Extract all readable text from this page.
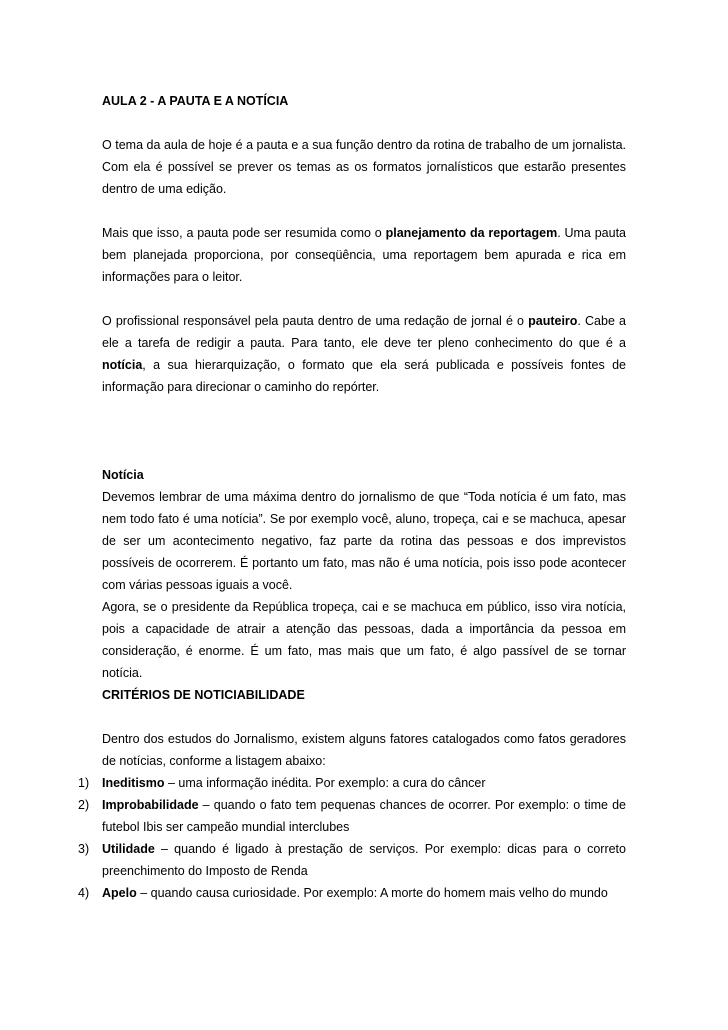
AULA 2 - A PAUTA E A NOTÍCIA
O tema da aula de hoje é a pauta e a sua função dentro da rotina de trabalho de um jornalista. Com ela é possível se prever os temas as os formatos jornalísticos que estarão presentes dentro de uma edição.
Mais que isso, a pauta pode ser resumida como o planejamento da reportagem. Uma pauta bem planejada proporciona, por conseqüência, uma reportagem bem apurada e rica em informações para o leitor.
O profissional responsável pela pauta dentro de uma redação de jornal é o pauteiro. Cabe a ele a tarefa de redigir a pauta. Para tanto, ele deve ter pleno conhecimento do que é a notícia, a sua hierarquização, o formato que ela será publicada e possíveis fontes de informação para direcionar o caminho do repórter.
Notícia
Devemos lembrar de uma máxima dentro do jornalismo de que “Toda notícia é um fato, mas nem todo fato é uma notícia”. Se por exemplo você, aluno, tropeça, cai e se machuca, apesar de ser um acontecimento negativo, faz parte da rotina das pessoas e dos imprevistos possíveis de ocorrerem. É portanto um fato, mas não é uma notícia, pois isso pode acontecer com várias pessoas iguais a você.
Agora, se o presidente da República tropeça, cai e se machuca em público, isso vira notícia, pois a capacidade de atrair a atenção das pessoas, dada a importância da pessoa em consideração, é enorme. É um fato, mas mais que um fato, é algo passível de se tornar notícia.
CRITÉRIOS DE NOTICIABILIDADE
Dentro dos estudos do Jornalismo, existem alguns fatores catalogados como fatos geradores de notícias, conforme a listagem abaixo:
1)	Ineditismo – uma informação inédita. Por exemplo: a cura do câncer
2)	Improbabilidade – quando o fato tem pequenas chances de ocorrer. Por exemplo: o time de futebol Ibis ser campeão mundial interclubes
3)	Utilidade – quando é ligado à prestação de serviços. Por exemplo: dicas para o correto preenchimento do Imposto de Renda
4)	Apelo – quando causa curiosidade. Por exemplo: A morte do homem mais velho do mundo
